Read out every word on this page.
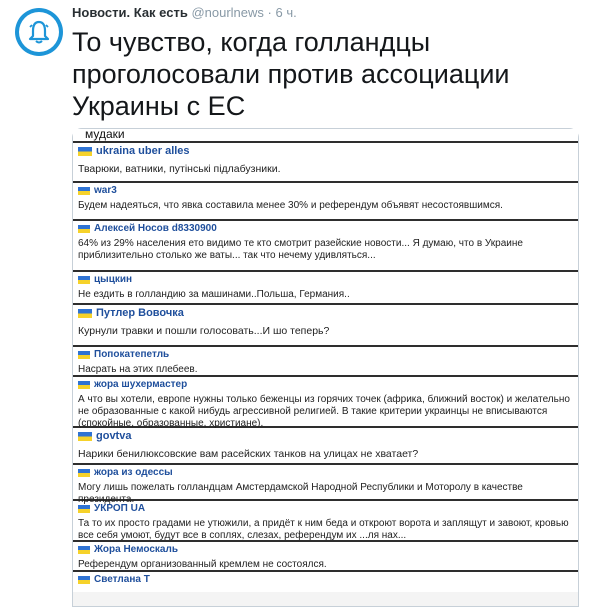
Новости. Как есть @nourlnews · 6 ч.

То чувство, когда голландцы проголосовали против ассоциации Украины с ЕС

мудаки
ukraina uber alles
Тварюки, ватники, путінські підлабузники.
war3
Будем надеяться, что явка составила менее 30% и референдум объявят несостоявшимся.
Алексей Носов d8330900
64% из 29% населения ето видимо те кто смотрит разейские новости... Я думаю, что в Украине приблизительно столько же ваты... так что нечему удивляться...
цыцкин
Не ездить в голландию за машинами..Польша, Германия..
Путлер Вовочка
Курнули травки и пошли голосовать...И шо теперь?
Попокатепетль
Насрать на этих плебеев.
жора шухермастер
А что вы хотели, европе нужны только беженцы из горячих точек (африка, ближний восток) и желательно не образованные с какой нибудь агрессивной религией. В такие критерии украинцы не вписываются (спокойные, образованные, христиане).
govtva
Нарики бенилюксовские вам расейских танков на улицах не хватает?
жора из одессы
Могу лишь пожелать голландцам Амстердамской Народной Республики и Моторолу в качестве президента.
УКРОП UA
Та то их просто градами не утюжили, а придёт к ним беда и откроют ворота и заплящут и завоют, кровью все себя умоют, будут все в соплях, слезах, референдум их ...ля нах...
Жора Немоскаль
Референдум организованный кремлем не состоялся.
Светлана Т
